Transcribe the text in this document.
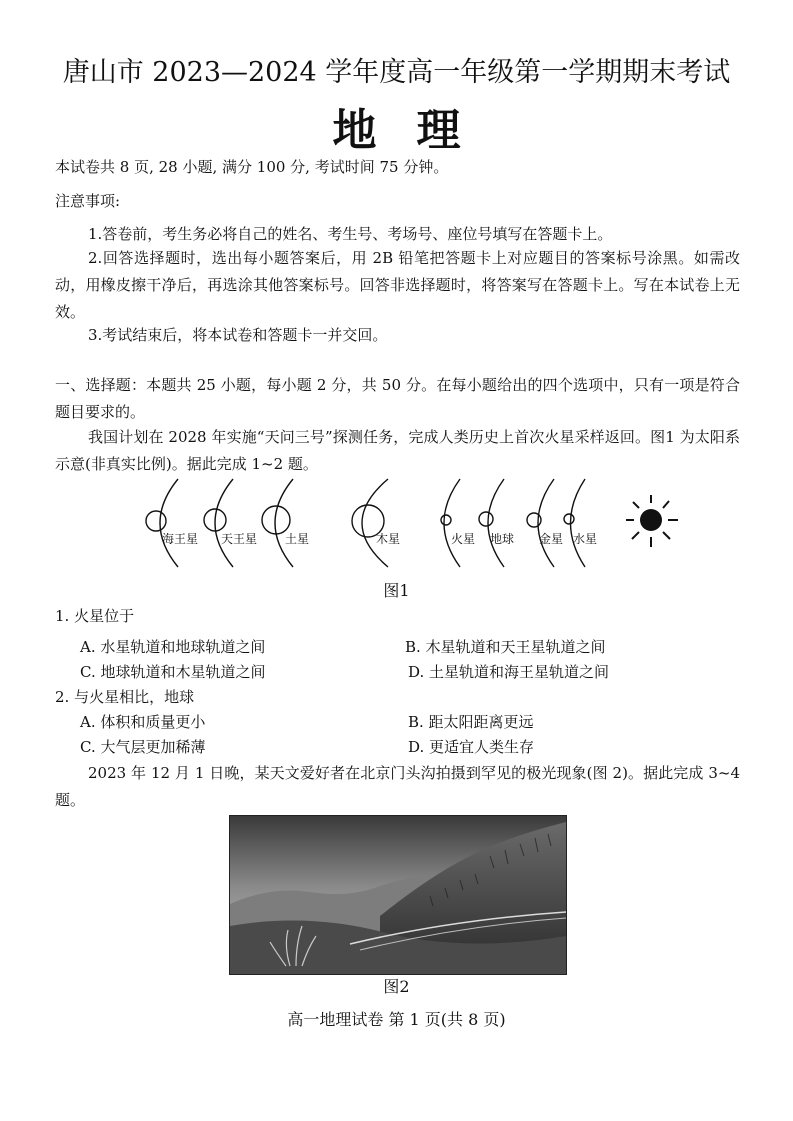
唐山市 2023—2024 学年度高一年级第一学期期末考试
地理
本试卷共 8 页, 28 小题, 满分 100 分, 考试时间 75 分钟。
注意事项:
1.答卷前，考生务必将自己的姓名、考生号、考场号、座位号填写在答题卡上。
2.回答选择题时，选出每小题答案后，用 2B 铅笔把答题卡上对应题目的答案标号涂黑。如需改动，用橡皮擦干净后，再选涂其他答案标号。回答非选择题时，将答案写在答题卡上。写在本试卷上无效。
3.考试结束后，将本试卷和答题卡一并交回。
一、选择题：本题共 25 小题，每小题 2 分，共 50 分。在每小题给出的四个选项中，只有一项是符合题目要求的。
我国计划在 2028 年实施“天问三号”探测任务，完成人类历史上首次火星采样返回。图1 为太阳系示意(非真实比例)。据此完成 1~2 题。
海王星 天王星 土星	木星	火星 地球 金星 水星
图1
1. 火星位于
A. 水星轨道和地球轨道之间	B. 木星轨道和天王星轨道之间
C. 地球轨道和木星轨道之间	D. 土星轨道和海王星轨道之间
2. 与火星相比，地球
A. 体积和质量更小	B. 距太阳距离更远
C. 大气层更加稀薄	D. 更适宜人类生存
2023 年 12 月 1 日晚，某天文爱好者在北京门头沟拍摄到罕见的极光现象(图 2)。据此完成 3~4 题。
图2
高一地理试卷 第 1 页(共 8 页)
